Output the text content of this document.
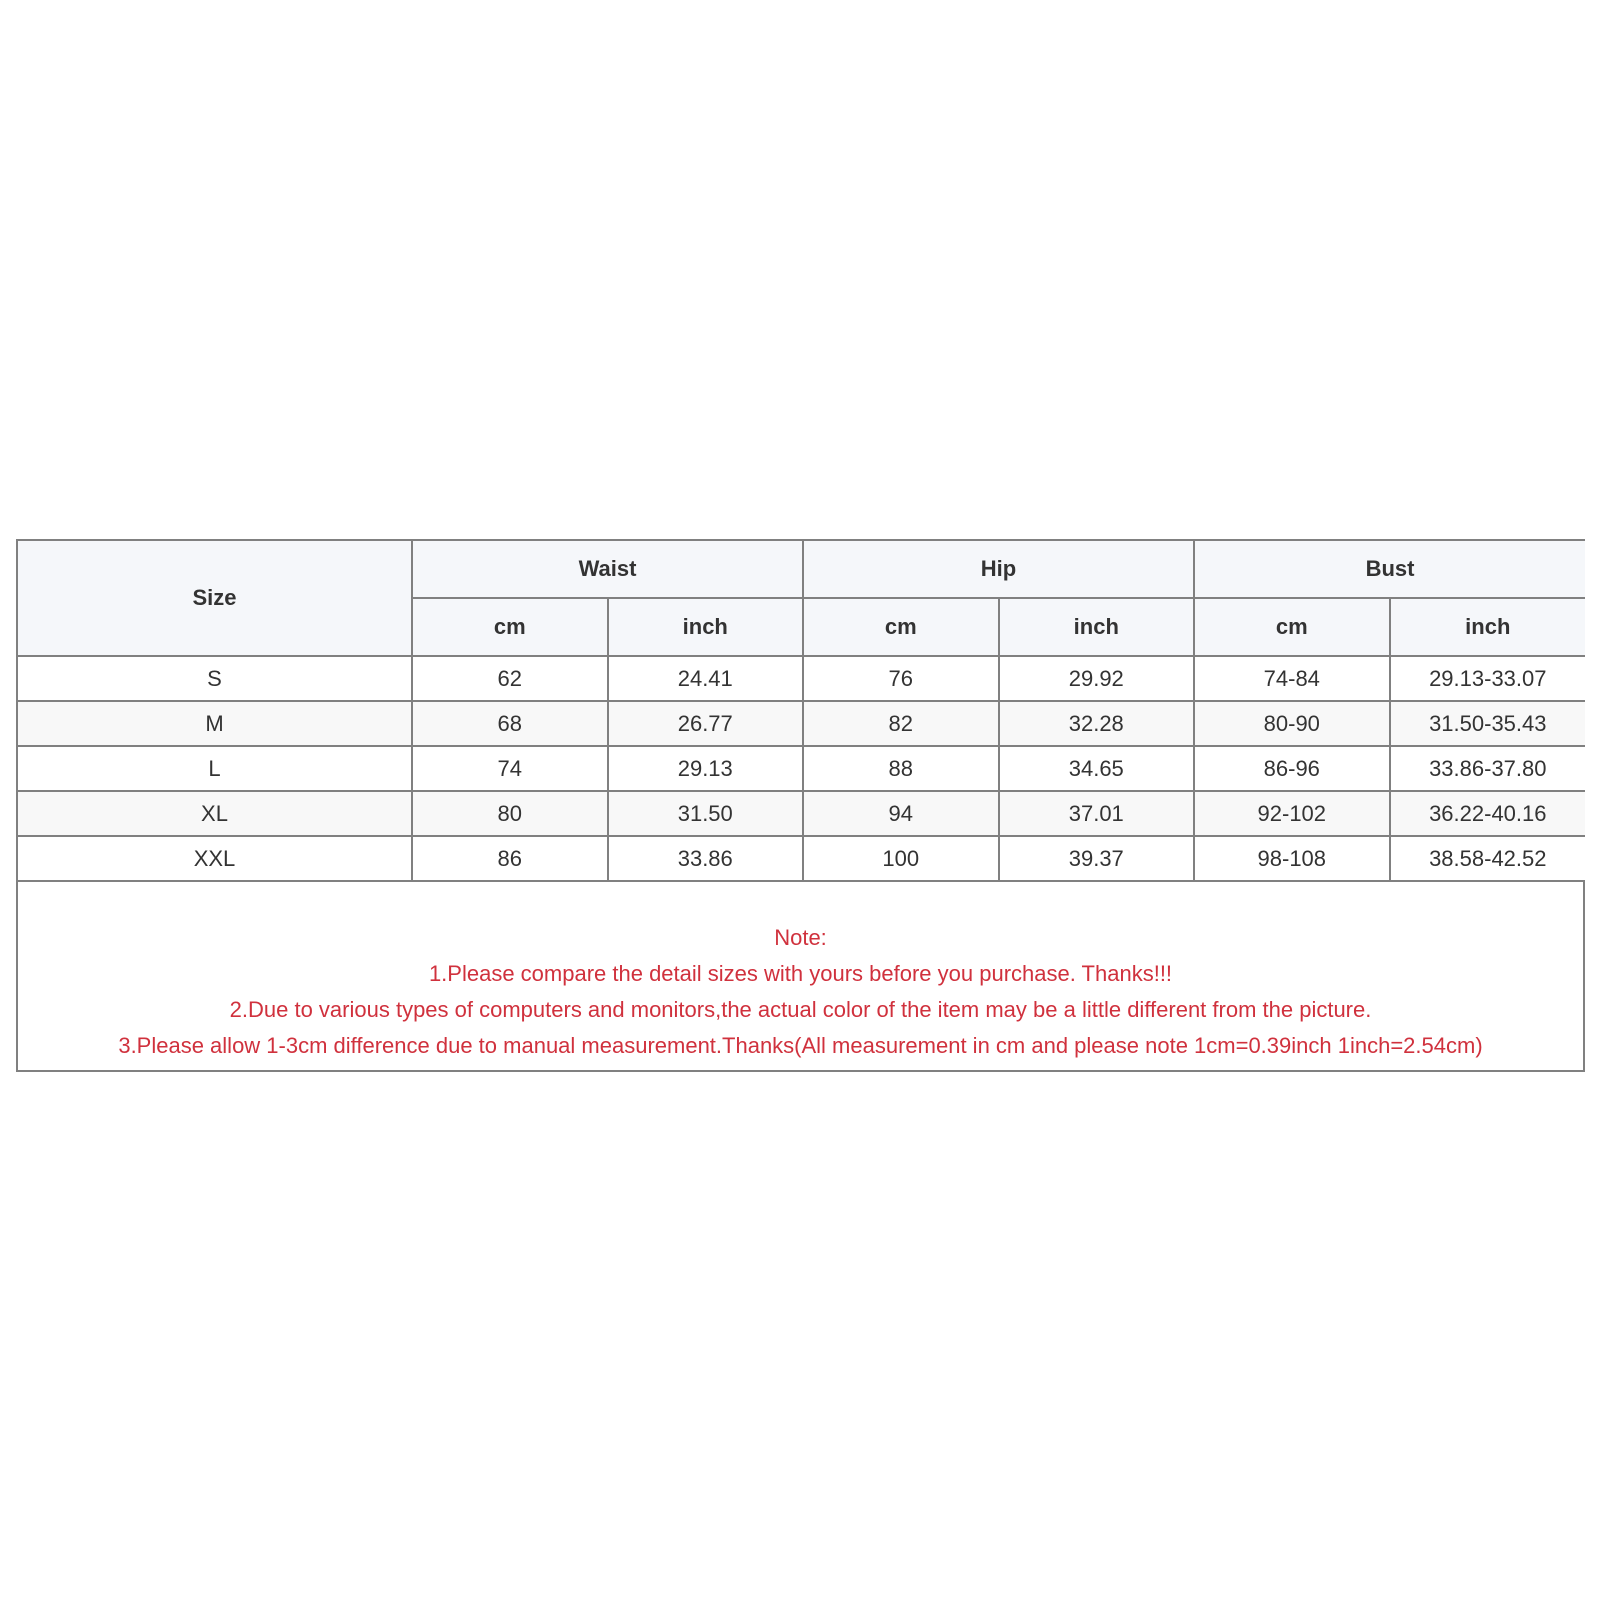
Size	Waist		Hip		Bust	
	cm	inch	cm	inch	cm	inch
S	62	24.41	76	29.92	74-84	29.13-33.07
M	68	26.77	82	32.28	80-90	31.50-35.43
L	74	29.13	88	34.65	86-96	33.86-37.80
XL	80	31.50	94	37.01	92-102	36.22-40.16
XXL	86	33.86	100	39.37	98-108	38.58-42.52
Note:
1.Please compare the detail sizes with yours before you purchase. Thanks!!!
2.Due to various types of computers and monitors,the actual color of the item may be a little different from the picture.
3.Please allow 1-3cm difference due to manual measurement.Thanks(All measurement in cm and please note 1cm=0.39inch 1inch=2.54cm)
